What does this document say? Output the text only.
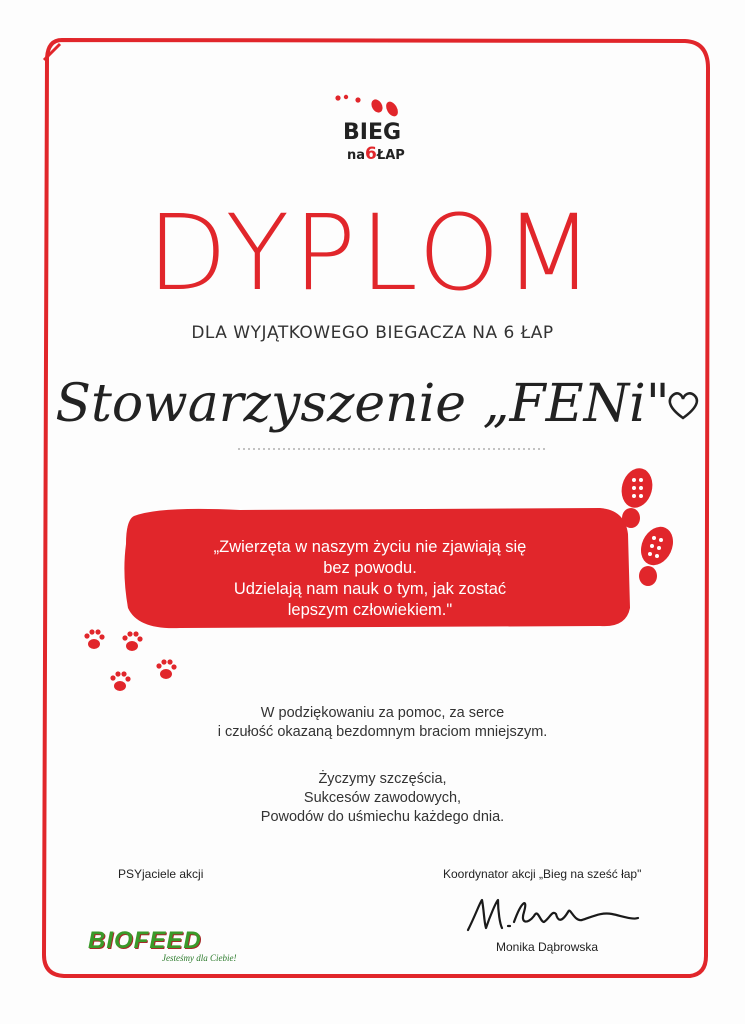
BIEG
na6ŁAP
DYPLOM
DLA WYJĄTKOWEGO BIEGACZA NA 6 ŁAP
Stowarzyszenie „FENi"
„Zwierzęta w naszym życiu nie zjawiają się
bez powodu.
Udzielają nam nauk o tym, jak zostać
lepszym człowiekiem."
W podziękowaniu za pomoc, za serce
i czułość okazaną bezdomnym braciom mniejszym.
Życzymy szczęścia,
Sukcesów zawodowych,
Powodów do uśmiechu każdego dnia.
PSYjaciele akcji
BIOFEED
Jesteśmy dla Ciebie!
Koordynator akcji „Bieg na sześć łap"
Monika Dąbrowska
